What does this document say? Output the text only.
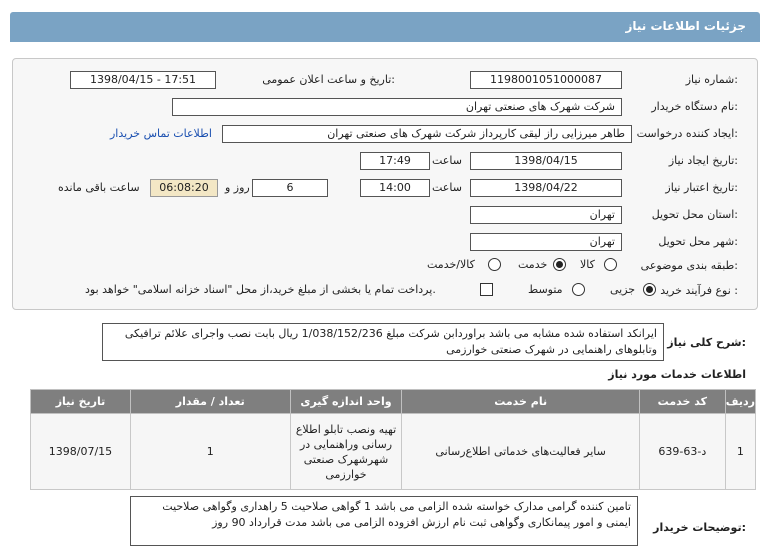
جزئیات اطلاعات نیاز
شماره نیاز:
1198001051000087
تاریخ و ساعت اعلان عمومی:
1398/04/15 - 17:51
نام دستگاه خریدار:
شرکت شهرک های صنعتی تهران
ایجاد کننده درخواست:
طاهر میرزایی راز لیقی کارپرداز شرکت شهرک های صنعتی تهران
اطلاعات تماس خریدار
تاریخ ایجاد نیاز:
1398/04/15
ساعت
17:49
تاریخ اعتبار نیاز:
1398/04/22
ساعت
14:00
6
روز و
06:08:20
ساعت باقی مانده
استان محل تحویل:
تهران
شهر محل تحویل:
تهران
طبقه بندی موضوعی:
کالا
خدمت
کالا/خدمت
نوع فرآیند خرید :
جزیی
متوسط
پرداخت تمام یا بخشی از مبلغ خرید،از محل "اسناد خزانه اسلامی" خواهد بود.
شرح کلی نیاز:
ایرانکد استفاده شده مشابه می باشد براوردابن شرکت مبلغ 1/038/152/236 ریال بابت نصب واجرای علائم ترافیکی وتابلوهای راهنمایی در شهرک صنعتی خوارزمی
اطلاعات خدمات مورد نیاز
ردیف	کد خدمت	نام خدمت	واحد اندازه گیری	تعداد / مقدار	تاریخ نیاز
1	د-63-639	سایر فعالیت‌های خدماتی اطلاع‌رسانی	تهیه ونصب تابلو اطلاع رسانی وراهنمایی در شهرشهرک صنعتی خوارزمی	1	1398/07/15
توضیحات خریدار:
تامین کننده گرامی مدارک خواسته شده الزامی می باشد 1 گواهی صلاحیت 5 راهداری وگواهی صلاحیت ایمنی و امور پیمانکاری وگواهی ثبت نام ارزش افزوده الزامی می باشد مدت قرارداد 90 روز
